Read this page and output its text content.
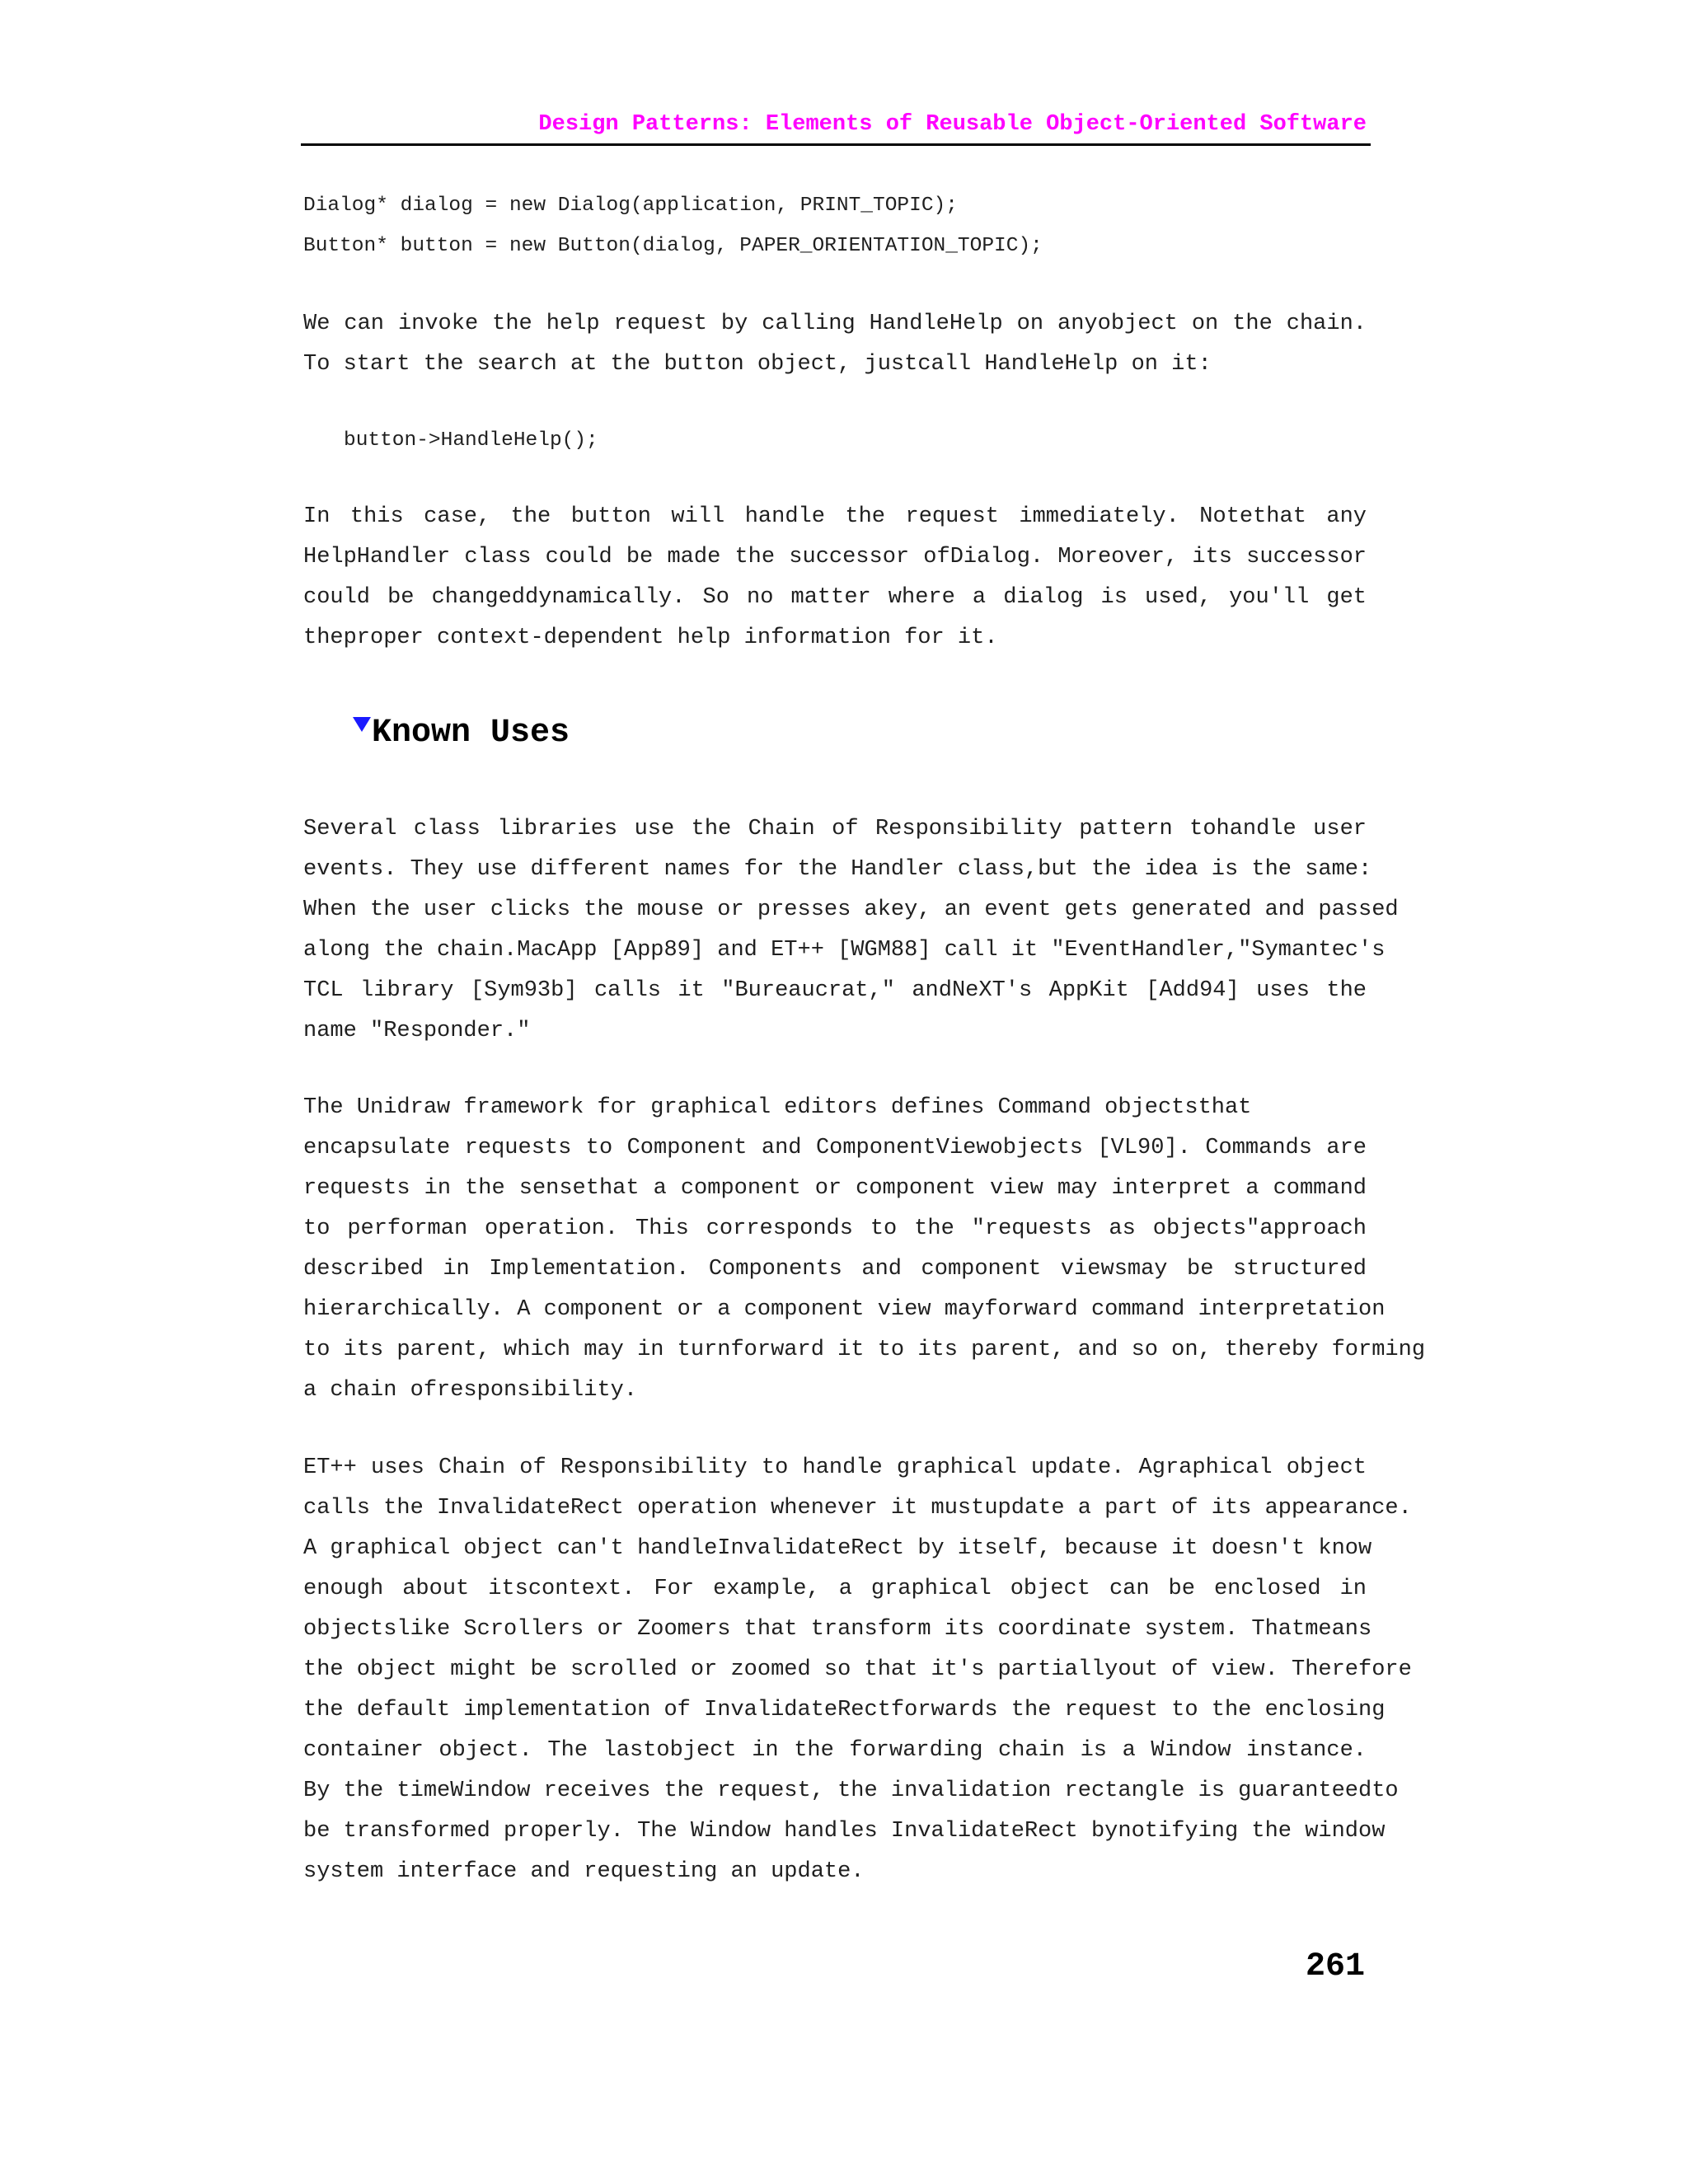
Design Patterns: Elements of Reusable Object-Oriented Software
Dialog* dialog = new Dialog(application, PRINT_TOPIC);
Button* button = new Button(dialog, PAPER_ORIENTATION_TOPIC);
We can invoke the help request by calling HandleHelp on anyobject on the chain.
To start the search at the button object, justcall HandleHelp on it:
button->HandleHelp();
In this case, the button will handle the request immediately. Notethat any
HelpHandler class could be made the successor ofDialog. Moreover, its successor
could be changeddynamically. So no matter where a dialog is used, you'll get
theproper context-dependent help information for it.
Known Uses
Several class libraries use the Chain of Responsibility pattern tohandle user
events. They use different names for the Handler class,but the idea is the same:
When the user clicks the mouse or presses akey, an event gets generated and passed
along the chain.MacApp [App89] and ET++ [WGM88] call it "EventHandler,"Symantec's
TCL library [Sym93b] calls it "Bureaucrat," andNeXT's AppKit [Add94] uses the
name "Responder."
The Unidraw framework for graphical editors defines Command objectsthat
encapsulate requests to Component and ComponentViewobjects [VL90]. Commands are
requests in the sensethat a component or component view may interpret a command
to performan operation. This corresponds to the "requests as objects"approach
described in Implementation. Components and component viewsmay be structured
hierarchically. A component or a component view mayforward command interpretation
to its parent, which may in turnforward it to its parent, and so on, thereby forming
a chain ofresponsibility.
ET++ uses Chain of Responsibility to handle graphical update. Agraphical object
calls the InvalidateRect operation whenever it mustupdate a part of its appearance.
A graphical object can't handleInvalidateRect by itself, because it doesn't know
enough about itscontext. For example, a graphical object can be enclosed in
objectslike Scrollers or Zoomers that transform its coordinate system. Thatmeans
the object might be scrolled or zoomed so that it's partiallyout of view. Therefore
the default implementation of InvalidateRectforwards the request to the enclosing
container object. The lastobject in the forwarding chain is a Window instance.
By the timeWindow receives the request, the invalidation rectangle is guaranteedto
be transformed properly. The Window handles InvalidateRect bynotifying the window
system interface and requesting an update.
261
